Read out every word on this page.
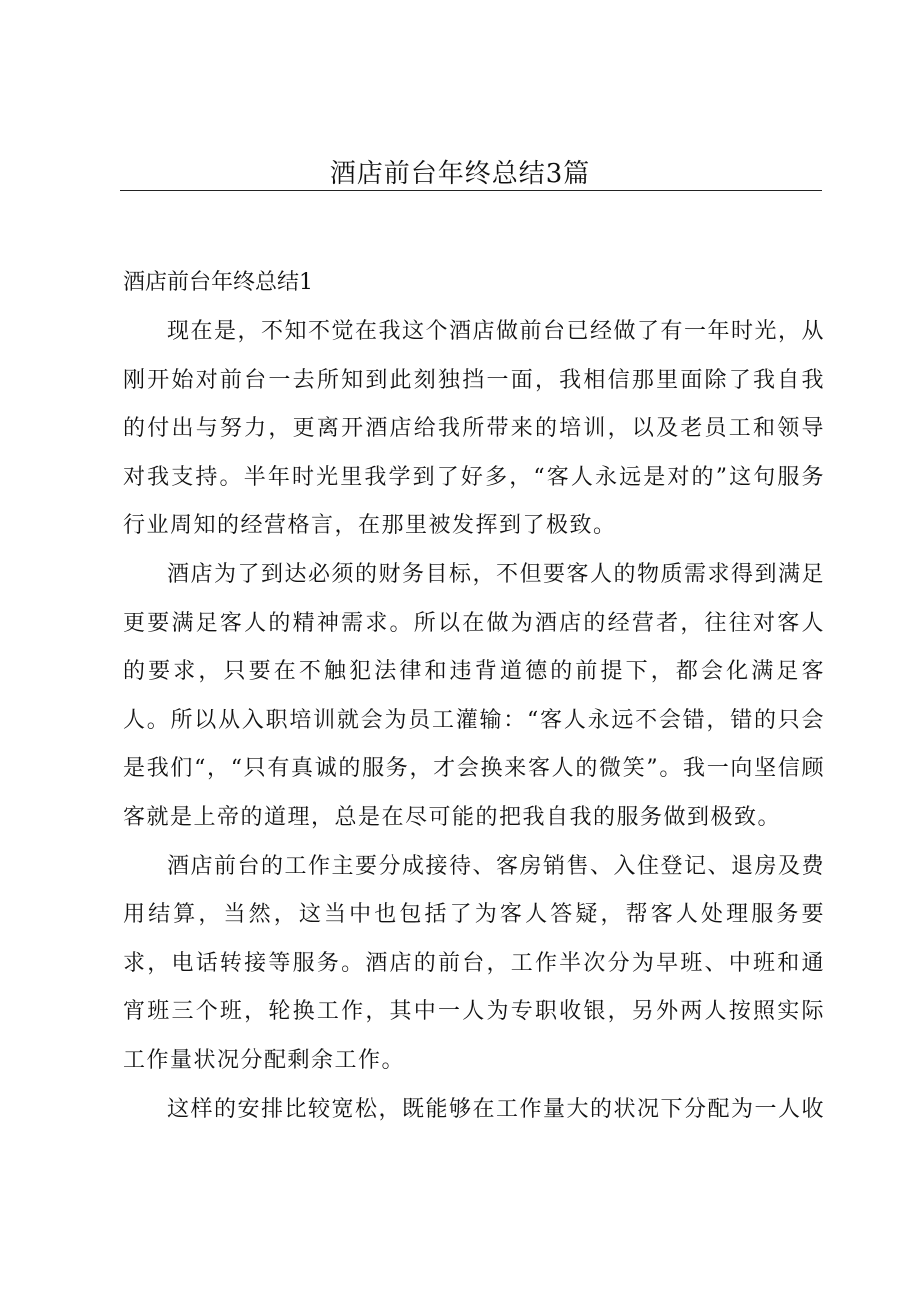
酒店前台年终总结3篇
酒店前台年终总结1

现在是，不知不觉在我这个酒店做前台已经做了有一年时光，从刚开始对前台一去所知到此刻独挡一面，我相信那里面除了我自我的付出与努力，更离开酒店给我所带来的培训，以及老员工和领导对我支持。半年时光里我学到了好多，“客人永远是对的”这句服务行业周知的经营格言，在那里被发挥到了极致。

酒店为了到达必须的财务目标，不但要客人的物质需求得到满足更要满足客人的精神需求。所以在做为酒店的经营者，往往对客人的要求，只要在不触犯法律和违背道德的前提下，都会化满足客人。所以从入职培训就会为员工灌输：“客人永远不会错，错的只会是我们“，“只有真诚的服务，才会换来客人的微笑”。我一向坚信顾客就是上帝的道理，总是在尽可能的把我自我的服务做到极致。

酒店前台的工作主要分成接待、客房销售、入住登记、退房及费用结算，当然，这当中也包括了为客人答疑，帮客人处理服务要求，电话转接等服务。酒店的前台，工作半次分为早班、中班和通宵班三个班，轮换工作，其中一人为专职收银，另外两人按照实际工作量状况分配剩余工作。

这样的安排比较宽松，既能够在工作量大的状况下分配为一人收
